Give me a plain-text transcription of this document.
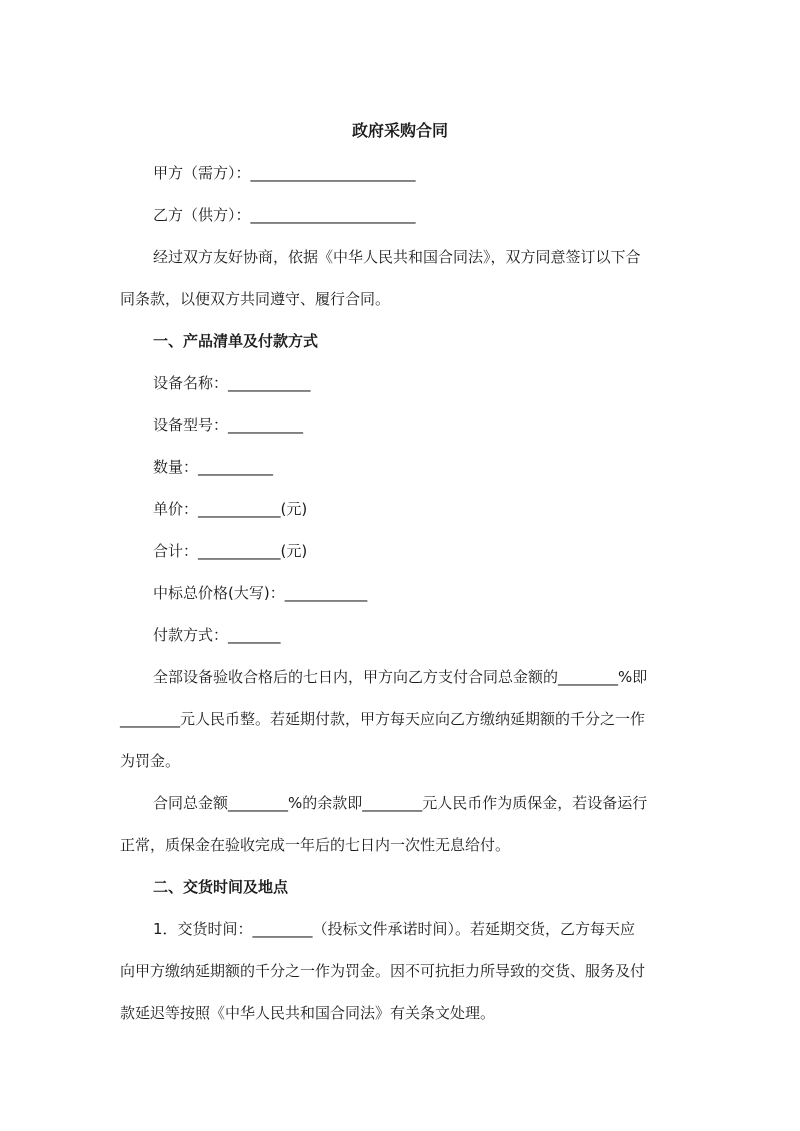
政府采购合同
甲方（需方）：______________________
乙方（供方）：______________________
经过双方友好协商，依据《中华人民共和国合同法》，双方同意签订以下合
同条款，以便双方共同遵守、履行合同。
一、产品清单及付款方式
设备名称：___________
设备型号：__________
数量：__________
单价：___________(元)
合计：___________(元)
中标总价格(大写)：___________
付款方式：_______
全部设备验收合格后的七日内，甲方向乙方支付合同总金额的________%即
________元人民币整。若延期付款，甲方每天应向乙方缴纳延期额的千分之一作
为罚金。
合同总金额________%的余款即________元人民币作为质保金，若设备运行
正常，质保金在验收完成一年后的七日内一次性无息给付。
二、交货时间及地点
1．交货时间：________（投标文件承诺时间）。若延期交货，乙方每天应
向甲方缴纳延期额的千分之一作为罚金。因不可抗拒力所导致的交货、服务及付
款延迟等按照《中华人民共和国合同法》有关条文处理。
